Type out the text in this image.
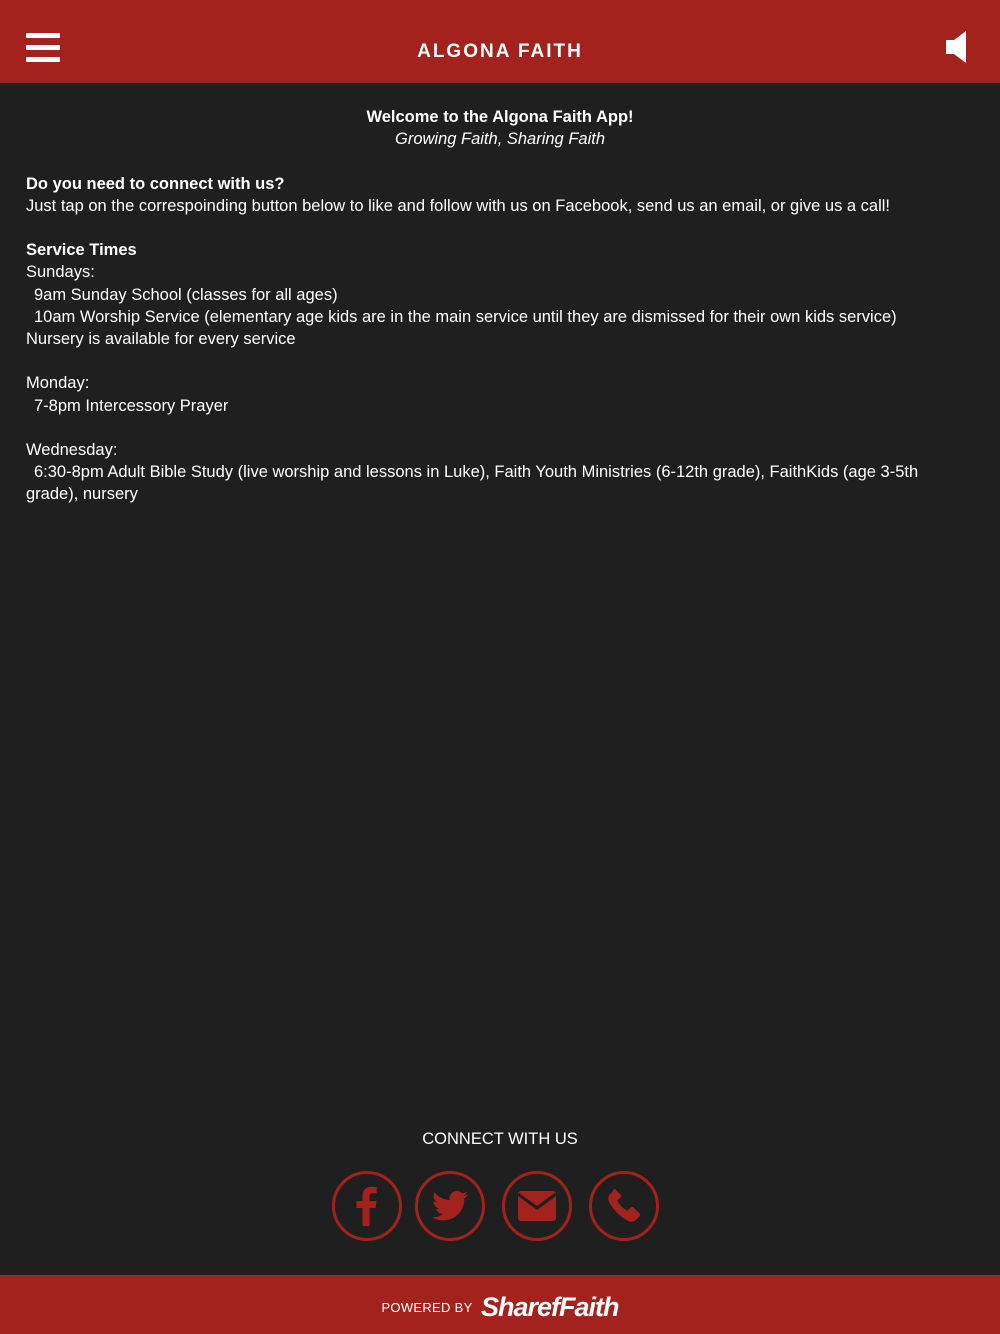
ALGONA FAITH
Welcome to the Algona Faith App!
Growing Faith, Sharing Faith
Do you need to connect with us?
Just tap on the correspoinding button below to like and follow with us on Facebook, send us an email, or give us a call!
Service Times
Sundays:
9am Sunday School (classes for all ages)
10am Worship Service (elementary age kids are in the main service until they are dismissed for their own kids service)
Nursery is available for every service
Monday:
7-8pm Intercessory Prayer
Wednesday:
6:30-8pm Adult Bible Study (live worship and lessons in Luke), Faith Youth Ministries (6-12th grade), FaithKids (age 3-5th grade), nursery
CONNECT WITH US
POWERED BY SharefFaith
